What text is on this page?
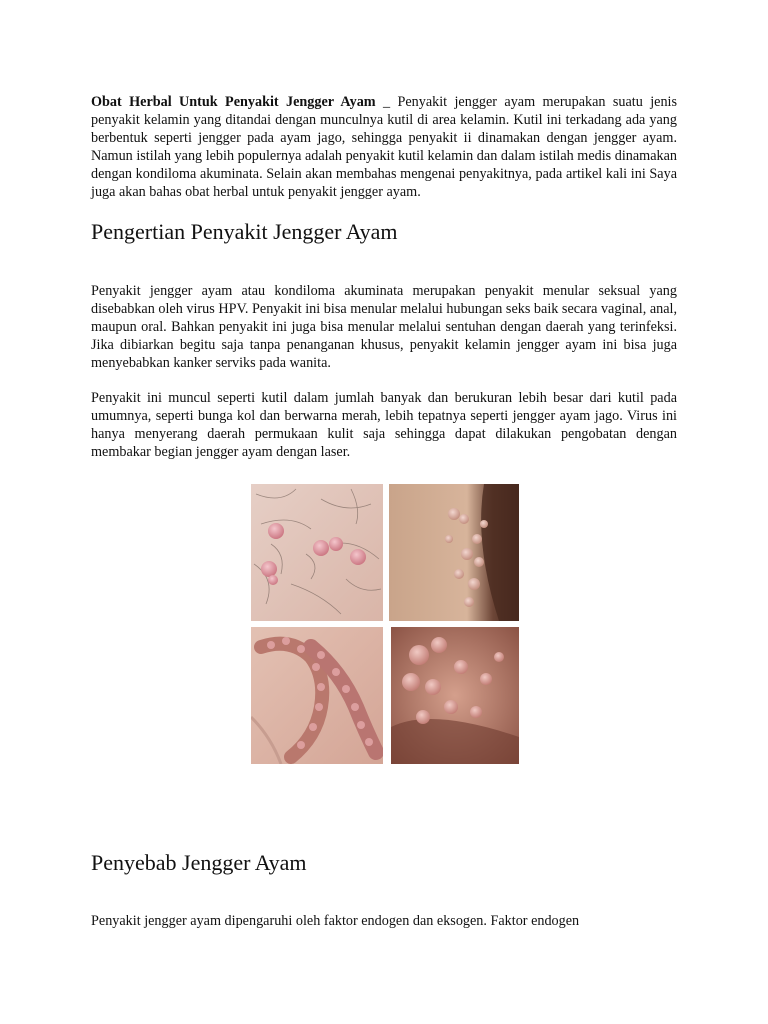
Obat Herbal Untuk Penyakit Jengger Ayam _ Penyakit jengger ayam merupakan suatu jenis penyakit kelamin yang ditandai dengan munculnya kutil di area kelamin. Kutil ini terkadang ada yang berbentuk seperti jengger pada ayam jago, sehingga penyakit ii dinamakan dengan jengger ayam. Namun istilah yang lebih populernya adalah penyakit kutil kelamin dan dalam istilah medis dinamakan dengan kondiloma akuminata. Selain akan membahas mengenai penyakitnya, pada artikel kali ini Saya juga akan bahas obat herbal untuk penyakit jengger ayam.

Pengertian Penyakit Jengger Ayam

Penyakit jengger ayam atau kondiloma akuminata merupakan penyakit menular seksual yang disebabkan oleh virus HPV. Penyakit ini bisa menular melalui hubungan seks baik secara vaginal, anal, maupun oral. Bahkan penyakit ini juga bisa menular melalui sentuhan dengan daerah yang terinfeksi. Jika dibiarkan begitu saja tanpa penanganan khusus, penyakit kelamin jengger ayam ini bisa juga menyebabkan kanker serviks pada wanita.

Penyakit ini muncul seperti kutil dalam jumlah banyak dan berukuran lebih besar dari kutil pada umumnya, seperti bunga kol dan berwarna merah, lebih tepatnya seperti jengger ayam jago. Virus ini hanya menyerang daerah permukaan kulit saja sehingga dapat dilakukan pengobatan dengan membakar begian jengger ayam dengan laser.

Penyebab Jengger Ayam

Penyakit jengger ayam dipengaruhi oleh faktor endogen dan eksogen. Faktor endogen
